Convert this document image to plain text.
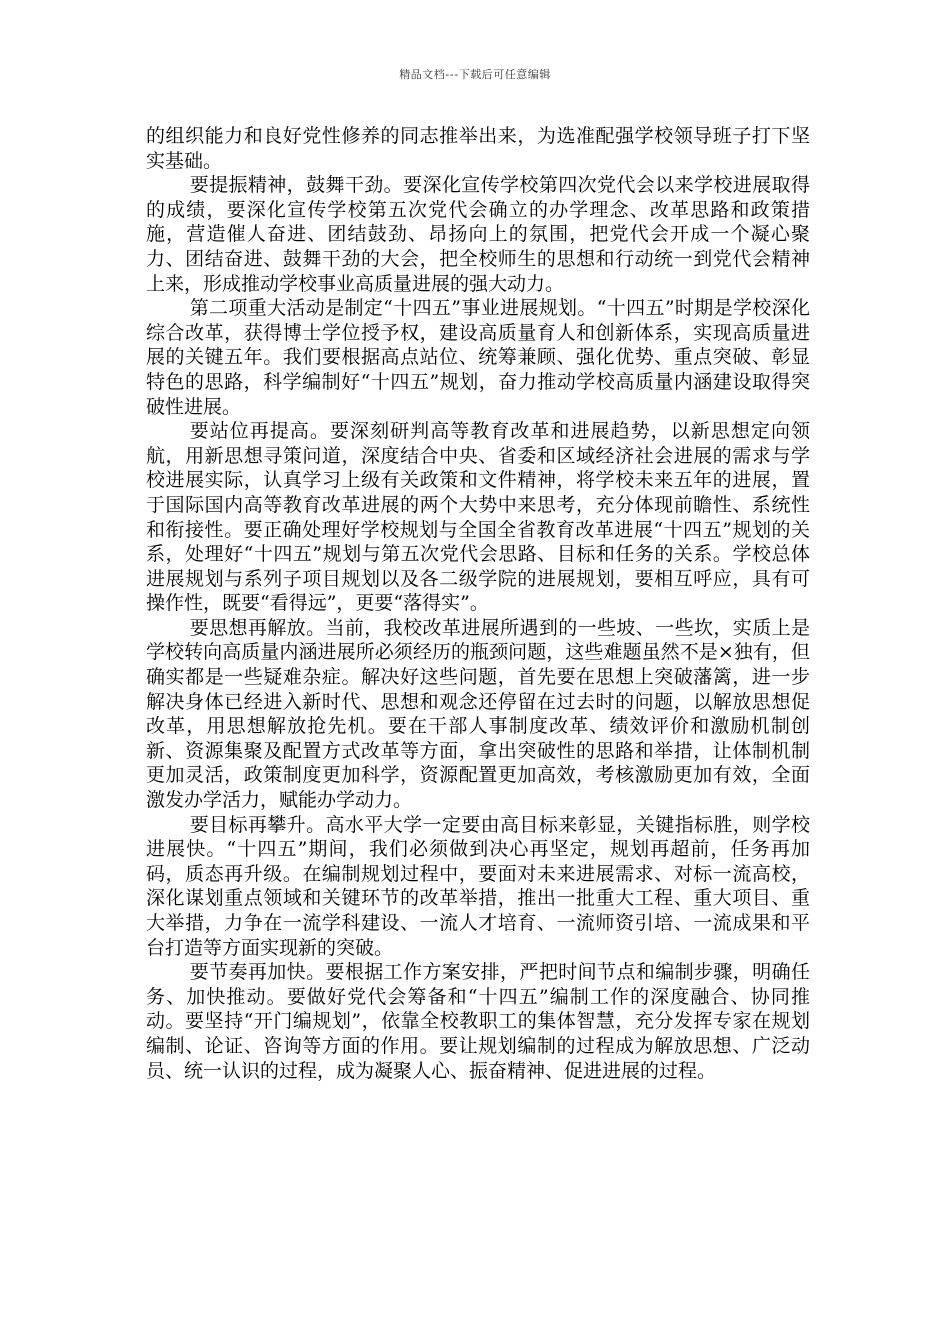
精品文档---下载后可任意编辑

的组织能力和良好党性修养的同志推举出来，为选准配强学校领导班子打下坚实基础。

要提振精神，鼓舞干劲。要深化宣传学校第四次党代会以来学校进展取得的成绩，要深化宣传学校第五次党代会确立的办学理念、改革思路和政策措施，营造催人奋进、团结鼓劲、昂扬向上的氛围，把党代会开成一个凝心聚力、团结奋进、鼓舞干劲的大会，把全校师生的思想和行动统一到党代会精神上来，形成推动学校事业高质量进展的强大动力。

第二项重大活动是制定“十四五”事业进展规划。“十四五”时期是学校深化综合改革，获得博士学位授予权，建设高质量育人和创新体系，实现高质量进展的关键五年。我们要根据高点站位、统筹兼顾、强化优势、重点突破、彰显特色的思路，科学编制好“十四五”规划，奋力推动学校高质量内涵建设取得突破性进展。

要站位再提高。要深刻研判高等教育改革和进展趋势，以新思想定向领航，用新思想寻策问道，深度结合中央、省委和区域经济社会进展的需求与学校进展实际，认真学习上级有关政策和文件精神，将学校未来五年的进展，置于国际国内高等教育改革进展的两个大势中来思考，充分体现前瞻性、系统性和衔接性。要正确处理好学校规划与全国全省教育改革进展“十四五”规划的关系，处理好“十四五”规划与第五次党代会思路、目标和任务的关系。学校总体进展规划与系列子项目规划以及各二级学院的进展规划，要相互呼应，具有可操作性，既要“看得远”，更要“落得实”。

要思想再解放。当前，我校改革进展所遇到的一些坡、一些坎，实质上是学校转向高质量内涵进展所必须经历的瓶颈问题，这些难题虽然不是×独有，但确实都是一些疑难杂症。解决好这些问题，首先要在思想上突破藩篱，进一步解决身体已经进入新时代、思想和观念还停留在过去时的问题，以解放思想促改革，用思想解放抢先机。要在干部人事制度改革、绩效评价和激励机制创新、资源集聚及配置方式改革等方面，拿出突破性的思路和举措，让体制机制更加灵活，政策制度更加科学，资源配置更加高效，考核激励更加有效，全面激发办学活力，赋能办学动力。

要目标再攀升。高水平大学一定要由高目标来彰显，关键指标胜，则学校进展快。“十四五”期间，我们必须做到决心再坚定，规划再超前，任务再加码，质态再升级。在编制规划过程中，要面对未来进展需求、对标一流高校，深化谋划重点领域和关键环节的改革举措，推出一批重大工程、重大项目、重大举措，力争在一流学科建设、一流人才培育、一流师资引培、一流成果和平台打造等方面实现新的突破。

要节奏再加快。要根据工作方案安排，严把时间节点和编制步骤，明确任务、加快推动。要做好党代会筹备和“十四五”编制工作的深度融合、协同推动。要坚持“开门编规划”，依靠全校教职工的集体智慧，充分发挥专家在规划编制、论证、咨询等方面的作用。要让规划编制的过程成为解放思想、广泛动员、统一认识的过程，成为凝聚人心、振奋精神、促进进展的过程。
